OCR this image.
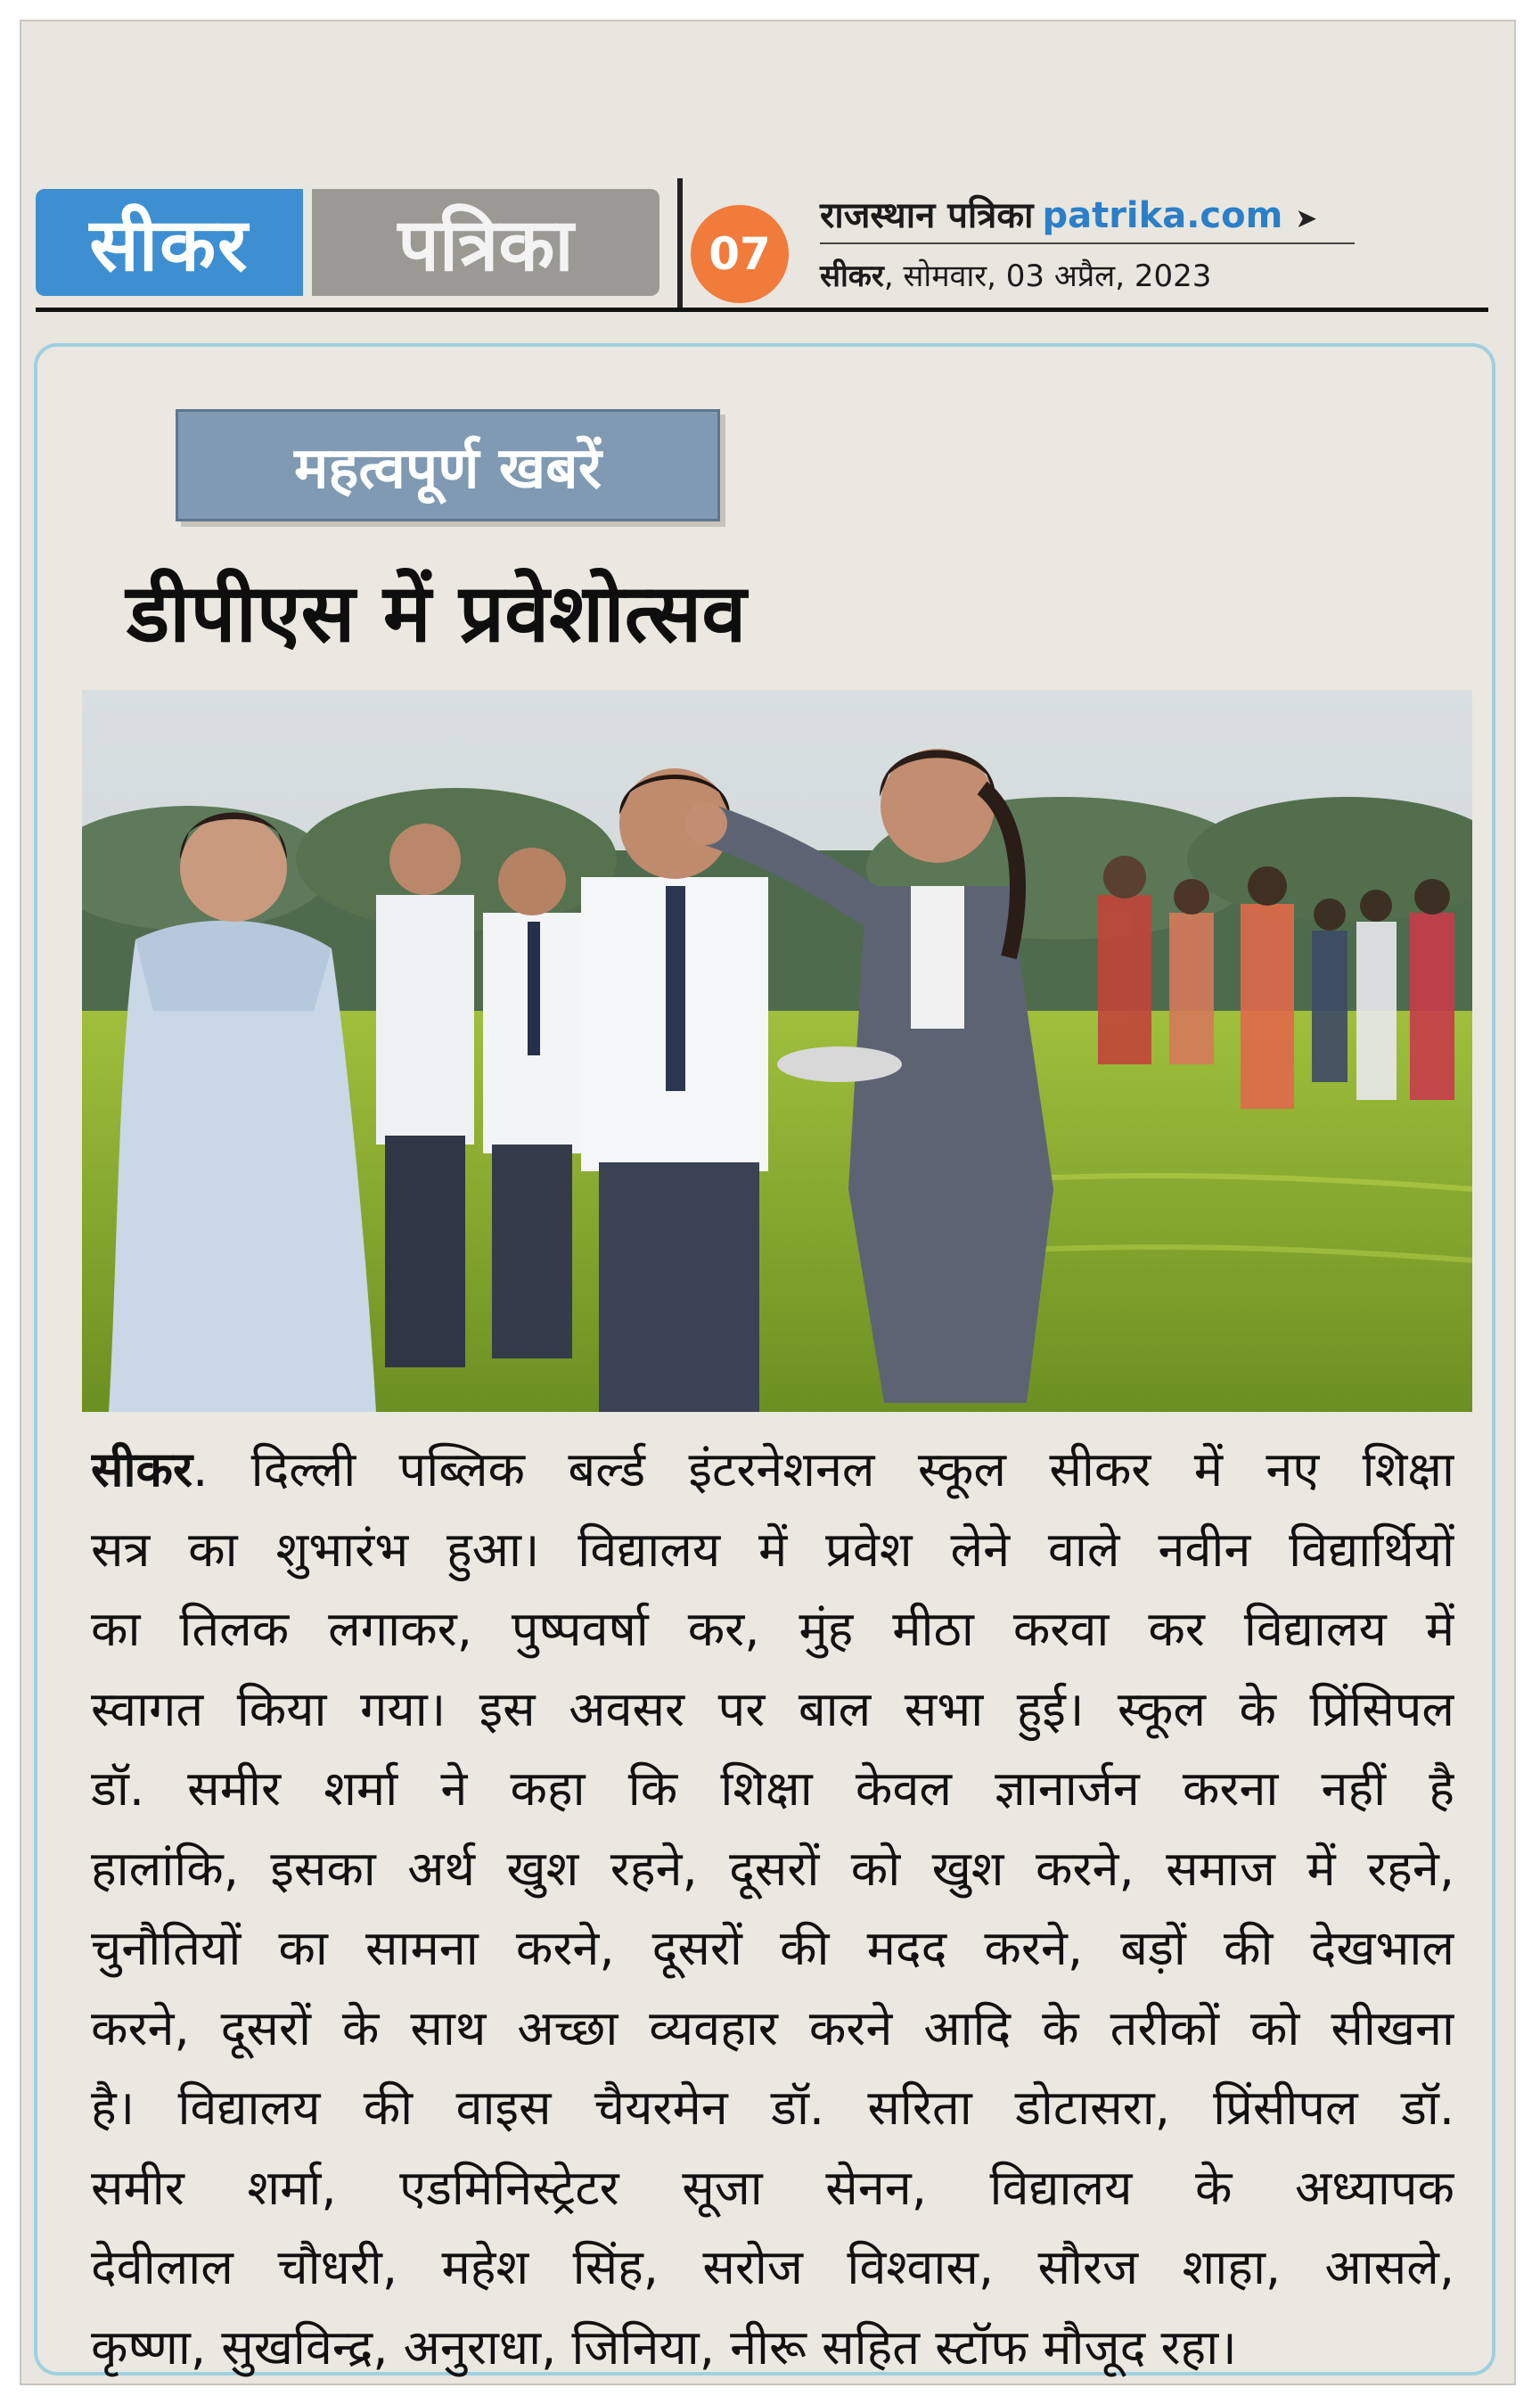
सीकर	पत्रिका	07
राजस्थान पत्रिका patrika.com ➤
सीकर, सोमवार, 03 अप्रैल, 2023
महत्वपूर्ण खबरें
डीपीएस में प्रवेशोत्सव
सीकर. दिल्ली पब्लिक बर्ल्ड इंटरनेशनल स्कूल सीकर में नए शिक्षा
सत्र का शुभारंभ हुआ। विद्यालय में प्रवेश लेने वाले नवीन विद्यार्थियों
का तिलक लगाकर, पुष्पवर्षा कर, मुंह मीठा करवा कर विद्यालय में
स्वागत किया गया। इस अवसर पर बाल सभा हुई। स्कूल के प्रिंसिपल
डॉ. समीर शर्मा ने कहा कि शिक्षा केवल ज्ञानार्जन करना नहीं है
हालांकि, इसका अर्थ खुश रहने, दूसरों को खुश करने, समाज में रहने,
चुनौतियों का सामना करने, दूसरों की मदद करने, बड़ों की देखभाल
करने, दूसरों के साथ अच्छा व्यवहार करने आदि के तरीकों को सीखना
है। विद्यालय की वाइस चैयरमेन डॉ. सरिता डोटासरा, प्रिंसीपल डॉ.
समीर शर्मा, एडमिनिस्ट्रेटर सूजा सेनन, विद्यालय के अध्यापक
देवीलाल चौधरी, महेश सिंह, सरोज विश्वास, सौरज शाहा, आसले,
कृष्णा, सुखविन्द्र, अनुराधा, जिनिया, नीरू सहित स्टॉफ मौजूद रहा।
